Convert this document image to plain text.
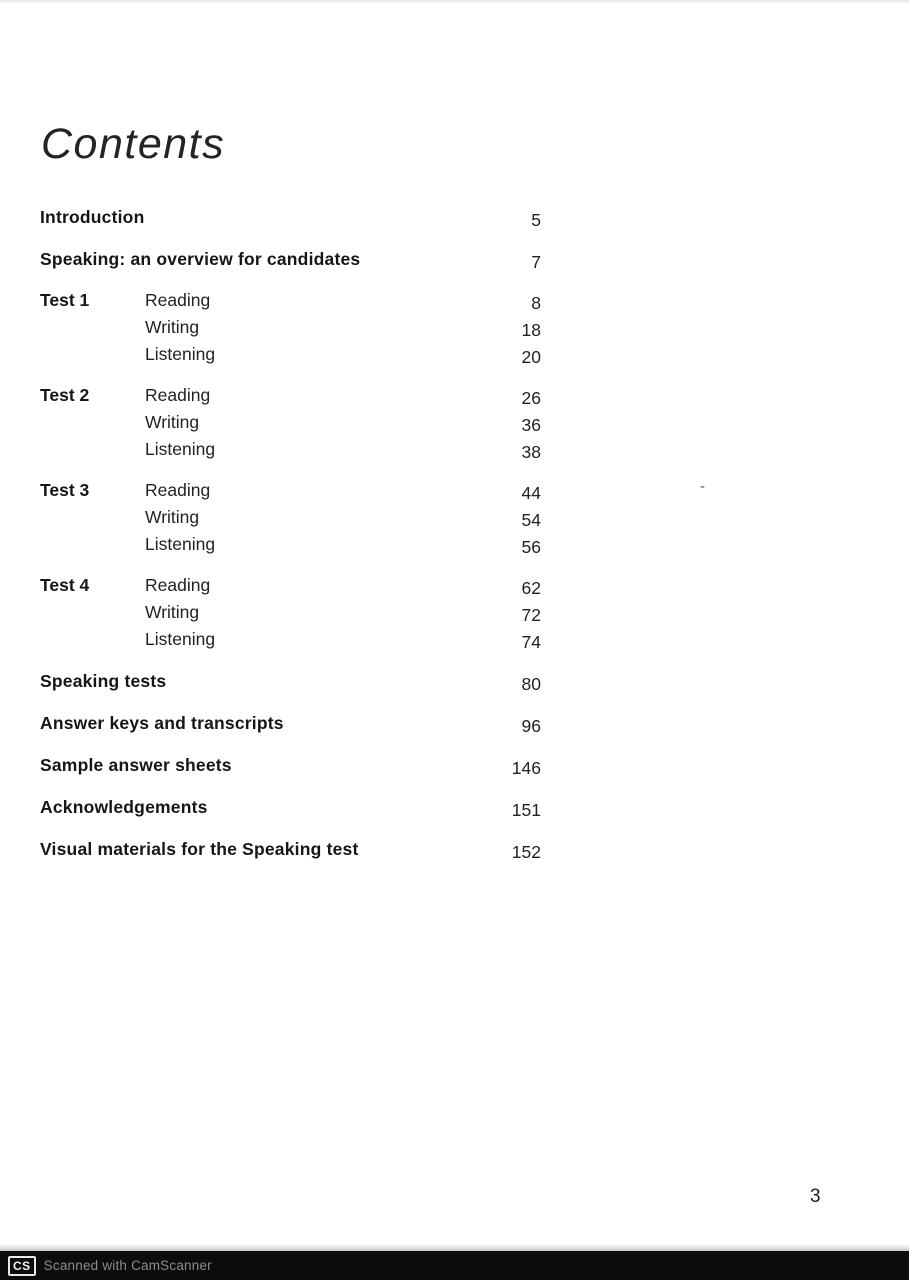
Contents
Introduction	5
Speaking: an overview for candidates	7
Test 1	Reading	8
Writing	18
Listening	20
Test 2	Reading	26
Writing	36
Listening	38
Test 3	Reading	44
Writing	54
Listening	56
Test 4	Reading	62
Writing	72
Listening	74
Speaking tests	80
Answer keys and transcripts	96
Sample answer sheets	146
Acknowledgements	151
Visual materials for the Speaking test	152
-
3
CS Scanned with CamScanner
